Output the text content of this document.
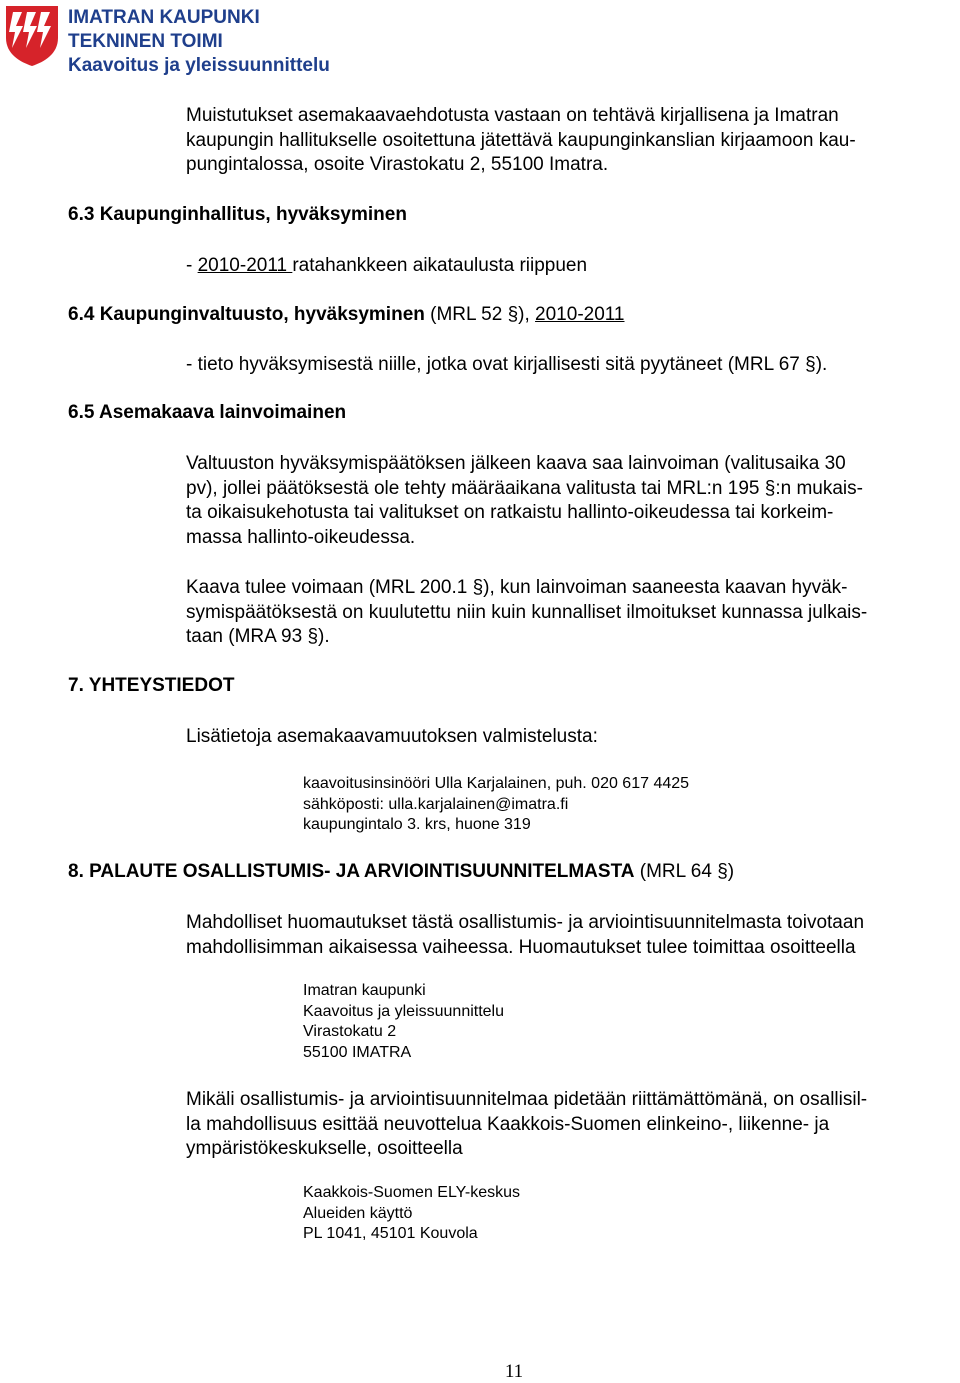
IMATRAN KAUPUNKI
TEKNINEN TOIMI
Kaavoitus ja yleissuunnittelu
Muistutukset asemakaavaehdotusta vastaan on tehtävä kirjallisena ja Imatran
kaupungin hallitukselle osoitettuna jätettävä kaupunginkanslian kirjaamoon kau-
pungintalossa, osoite Virastokatu 2, 55100 Imatra.
6.3 Kaupunginhallitus, hyväksyminen
- 2010-2011 ratahankkeen aikataulusta riippuen
6.4 Kaupunginvaltuusto, hyväksyminen (MRL 52 §), 2010-2011
- tieto hyväksymisestä niille, jotka ovat kirjallisesti sitä pyytäneet (MRL 67 §).
6.5 Asemakaava lainvoimainen
Valtuuston hyväksymispäätöksen jälkeen kaava saa lainvoiman (valitusaika 30
pv), jollei päätöksestä ole tehty määräaikana valitusta tai MRL:n 195 §:n mukais-
ta oikaisukehotusta tai valitukset on ratkaistu hallinto-oikeudessa tai korkeim-
massa hallinto-oikeudessa.
Kaava tulee voimaan (MRL 200.1 §), kun lainvoiman saaneesta kaavan hyväk-
symispäätöksestä on kuulutettu niin kuin kunnalliset ilmoitukset kunnassa julkais-
taan (MRA 93 §).
7. YHTEYSTIEDOT
Lisätietoja asemakaavamuutoksen valmistelusta:
kaavoitusinsinööri Ulla Karjalainen, puh. 020 617 4425
sähköposti: ulla.karjalainen@imatra.fi
kaupungintalo 3. krs, huone 319
8. PALAUTE OSALLISTUMIS- JA ARVIOINTISUUNNITELMASTA (MRL 64 §)
Mahdolliset huomautukset tästä osallistumis- ja arviointisuunnitelmasta toivotaan
mahdollisimman aikaisessa vaiheessa. Huomautukset tulee toimittaa osoitteella
Imatran kaupunki
Kaavoitus ja yleissuunnittelu
Virastokatu 2
55100 IMATRA
Mikäli osallistumis- ja arviointisuunnitelmaa pidetään riittämättömänä, on osallisil-
la mahdollisuus esittää neuvottelua Kaakkois-Suomen elinkeino-, liikenne- ja
ympäristökeskukselle, osoitteella
Kaakkois-Suomen ELY-keskus
Alueiden käyttö
PL 1041, 45101 Kouvola
11
